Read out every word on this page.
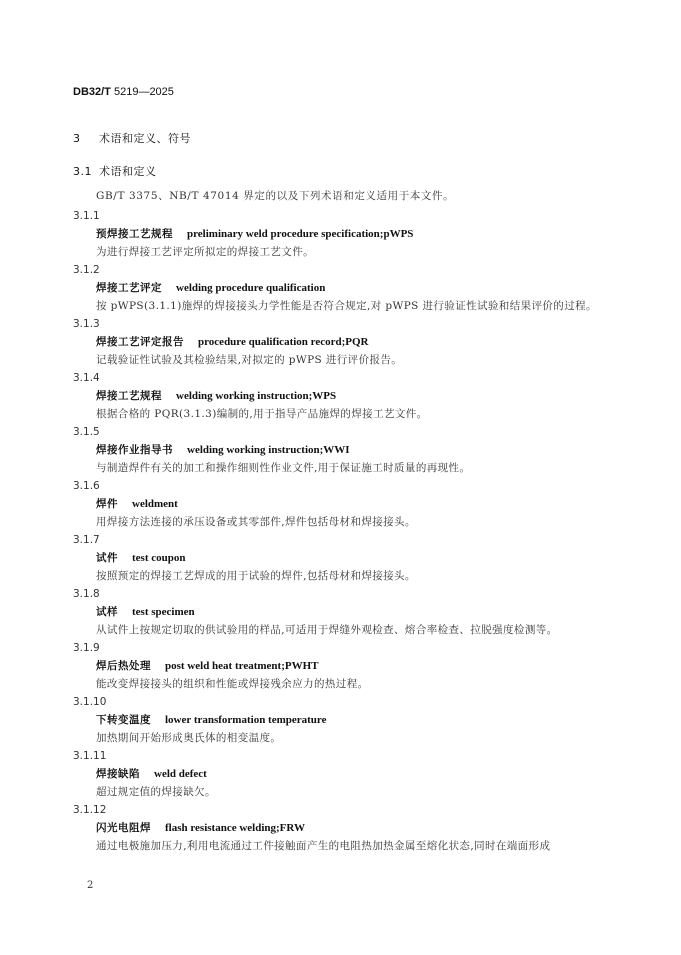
DB32/T 5219—2025
3 术语和定义、符号
3.1 术语和定义
GB/T 3375、NB/T 47014 界定的以及下列术语和定义适用于本文件。
3.1.1
预焊接工艺规程 preliminary weld procedure specification;pWPS
为进行焊接工艺评定所拟定的焊接工艺文件。
3.1.2
焊接工艺评定 welding procedure qualification
按 pWPS(3.1.1)施焊的焊接接头力学性能是否符合规定,对 pWPS 进行验证性试验和结果评价的过程。
3.1.3
焊接工艺评定报告 procedure qualification record;PQR
记载验证性试验及其检验结果,对拟定的 pWPS 进行评价报告。
3.1.4
焊接工艺规程 welding working instruction;WPS
根据合格的 PQR(3.1.3)编制的,用于指导产品施焊的焊接工艺文件。
3.1.5
焊接作业指导书 welding working instruction;WWI
与制造焊件有关的加工和操作细则性作业文件,用于保证施工时质量的再现性。
3.1.6
焊件 weldment
用焊接方法连接的承压设备或其零部件,焊件包括母材和焊接接头。
3.1.7
试件 test coupon
按照预定的焊接工艺焊成的用于试验的焊件,包括母材和焊接接头。
3.1.8
试样 test specimen
从试件上按规定切取的供试验用的样品,可适用于焊缝外观检查、熔合率检查、拉脱强度检测等。
3.1.9
焊后热处理 post weld heat treatment;PWHT
能改变焊接接头的组织和性能或焊接残余应力的热过程。
3.1.10
下转变温度 lower transformation temperature
加热期间开始形成奥氏体的相变温度。
3.1.11
焊接缺陷 weld defect
超过规定值的焊接缺欠。
3.1.12
闪光电阻焊 flash resistance welding;FRW
通过电极施加压力,利用电流通过工件接触面产生的电阻热加热金属至熔化状态,同时在端面形成
2
